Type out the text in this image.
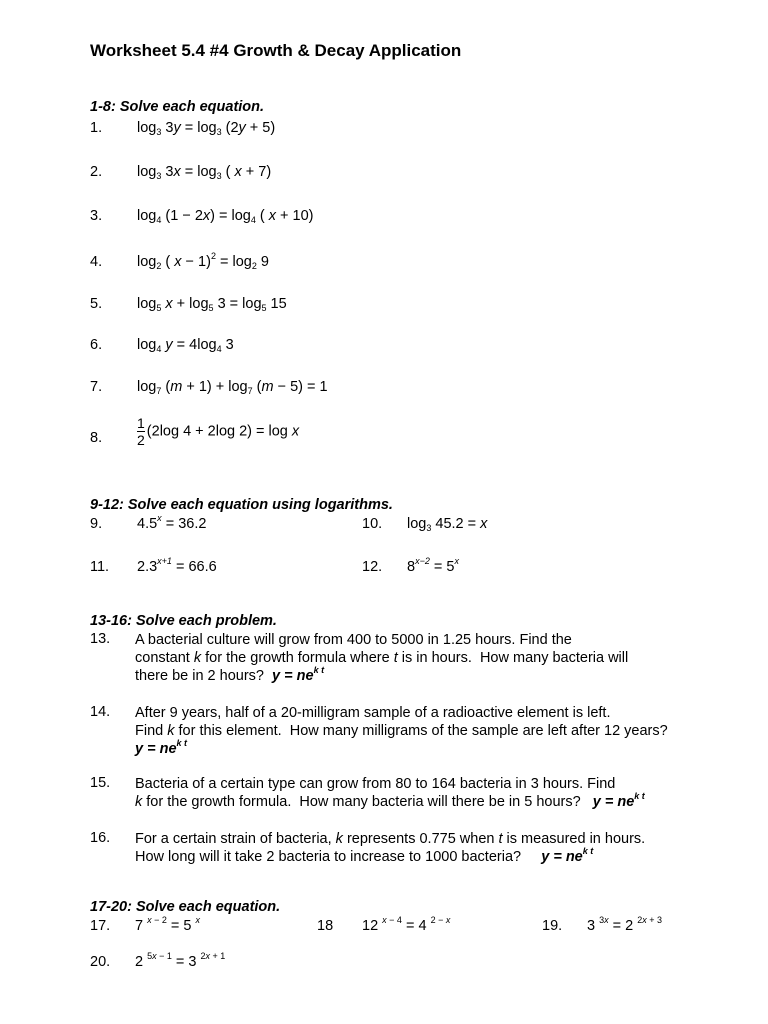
Worksheet 5.4 #4 Growth & Decay Application
1-8: Solve each equation.
1. $\log_3 3y = \log_3 (2y + 5)$
2. $\log_3 3x = \log_3$ ( x + 7)
3. $\log_4 (1 - 2x) = \log_4$ ( x + 10)
4. $\log_2$ ( $x - 1)^2 = \log_2 9$
5. $\log_5 x + \log_5 3 = \log_5 15$
6. $\log_4 y = 4\log_4$ 3
7. $\log_7 (m + 1) + \log_7 (m - 5) = 1$
8. $\frac{1}{2} (2\log$ 4 + 2log 2) = log x
9-12: Solve each equation using logarithms.
9. $4.5^x = 36.2$	10. $\log_3 45.2 = x$
11. $2.3^{x+1} = 66.6$	12. $8^{x-2} = 5^x$
13-16: Solve each problem.
13. A bacterial culture will grow from 400 to 5000 in 1.25 hours. Find the
constant k for the growth formula where t is in hours.  How many bacteria will
there be in 2 hours?  $y = ne^{k t}$
14. After 9 years, half of a 20-milligram sample of a radioactive element is left.
Find k for this element.  How many milligrams of the sample are left after 12 years?
$y = ne^{k t}$
15. Bacteria of a certain type can grow from 80 to 164 bacteria in 3 hours. Find
k for the growth formula.  How many bacteria will there be in 5 hours?   $y = ne^{k t}$
16. For a certain strain of bacteria, k represents 0.775 when t is measured in hours.
How long will it take 2 bacteria to increase to 1000 bacteria?     $y = ne^{k t}$
17-20: Solve each equation.
17. 7 $^{x - 2}$ = 5 $^x$	18 12 $^{x - 4}$ = 4 $^{2 - x}$	19. 3 $^{3x}$ = 2 $^{2x + 3}$
20. 2 $^{5x - 1}$ = 3 $^{2x + 1}$
